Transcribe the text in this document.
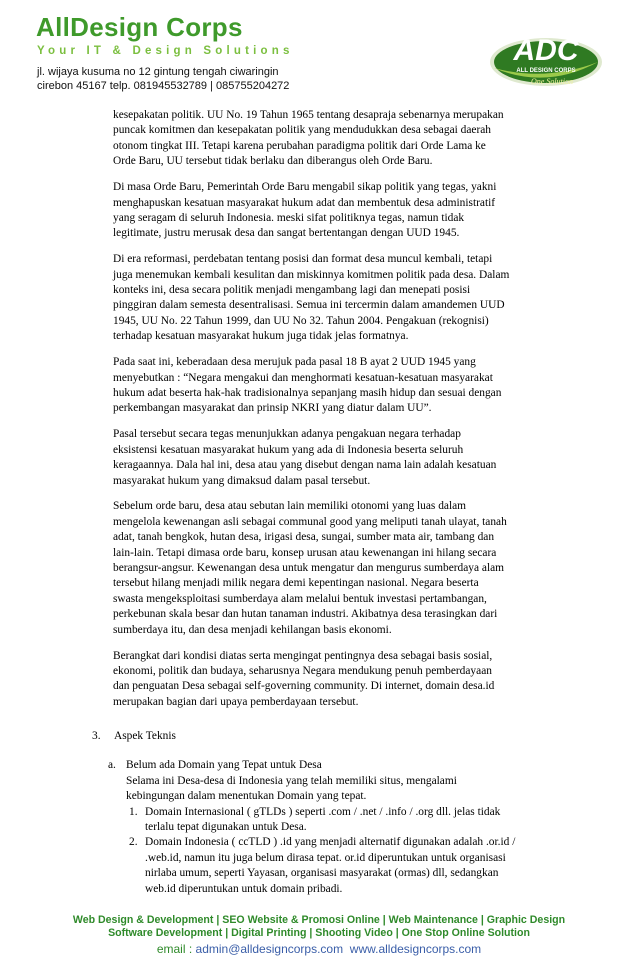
AllDesign Corps
Your IT & Design Solutions
jl. wijaya kusuma no 12 gintung tengah ciwaringin
cirebon 45167 telp. 081945532789 | 085755204272
ADC
ALL DESIGN CORPS
One Solution

kesepakatan politik. UU No. 19 Tahun 1965 tentang desapraja sebenarnya merupakan
puncak komitmen dan kesepakatan politik yang mendudukkan desa sebagai daerah
otonom tingkat III. Tetapi karena perubahan paradigma politik dari Orde Lama ke
Orde Baru, UU tersebut tidak berlaku dan diberangus oleh Orde Baru.

Di masa Orde Baru, Pemerintah Orde Baru mengabil sikap politik yang tegas, yakni
menghapuskan kesatuan masyarakat hukum adat dan membentuk desa administratif
yang seragam di seluruh Indonesia. meski sifat politiknya tegas, namun tidak
legitimate, justru merusak desa dan sangat bertentangan dengan UUD 1945.

Di era reformasi, perdebatan tentang posisi dan format desa muncul kembali, tetapi
juga menemukan kembali kesulitan dan miskinnya komitmen politik pada desa. Dalam
konteks ini, desa secara politik menjadi mengambang lagi dan menepati posisi
pinggiran dalam semesta desentralisasi. Semua ini tercermin dalam amandemen UUD
1945, UU No. 22 Tahun 1999, dan UU No 32. Tahun 2004. Pengakuan (rekognisi)
terhadap kesatuan masyarakat hukum juga tidak jelas formatnya.

Pada saat ini, keberadaan desa merujuk pada pasal 18 B ayat 2 UUD 1945 yang
menyebutkan : “Negara mengakui dan menghormati kesatuan-kesatuan masyarakat
hukum adat beserta hak-hak tradisionalnya sepanjang masih hidup dan sesuai dengan
perkembangan masyarakat dan prinsip NKRI yang diatur dalam UU”.

Pasal tersebut secara tegas menunjukkan adanya pengakuan negara terhadap
eksistensi kesatuan masyarakat hukum yang ada di Indonesia beserta seluruh
keragaannya. Dala hal ini, desa atau yang disebut dengan nama lain adalah kesatuan
masyarakat hukum yang dimaksud dalam pasal tersebut.

Sebelum orde baru, desa atau sebutan lain memiliki otonomi yang luas dalam
mengelola kewenangan asli sebagai communal good yang meliputi tanah ulayat, tanah
adat, tanah bengkok, hutan desa, irigasi desa, sungai, sumber mata air, tambang dan
lain-lain. Tetapi dimasa orde baru, konsep urusan atau kewenangan ini hilang secara
berangsur-angsur. Kewenangan desa untuk mengatur dan mengurus sumberdaya alam
tersebut hilang menjadi milik negara demi kepentingan nasional. Negara beserta
swasta mengeksploitasi sumberdaya alam melalui bentuk investasi pertambangan,
perkebunan skala besar dan hutan tanaman industri. Akibatnya desa terasingkan dari
sumberdaya itu, dan desa menjadi kehilangan basis ekonomi.

Berangkat dari kondisi diatas serta mengingat pentingnya desa sebagai basis sosial,
ekonomi, politik dan budaya, seharusnya Negara mendukung penuh pemberdayaan
dan penguatan Desa sebagai self-governing community. Di internet, domain desa.id
merupakan bagian dari upaya pemberdayaan tersebut.

3.	Aspek Teknis
a. Belum ada Domain yang Tepat untuk Desa
Selama ini Desa-desa di Indonesia yang telah memiliki situs, mengalami
kebingungan dalam menentukan Domain yang tepat.
1. Domain Internasional ( gTLDs ) seperti .com / .net / .info / .org dll. jelas tidak
terlalu tepat digunakan untuk Desa.
2. Domain Indonesia ( ccTLD ) .id yang menjadi alternatif digunakan adalah .or.id /
.web.id, namun itu juga belum dirasa tepat. or.id diperuntukan untuk organisasi
nirlaba umum, seperti Yayasan, organisasi masyarakat (ormas) dll, sedangkan
web.id diperuntukan untuk domain pribadi.
Web Design & Development | SEO Website & Promosi Online | Web Maintenance | Graphic Design
Software Development | Digital Printing | Shooting Video | One Stop Online Solution
email : admin@alldesigncorps.com www.alldesigncorps.com
